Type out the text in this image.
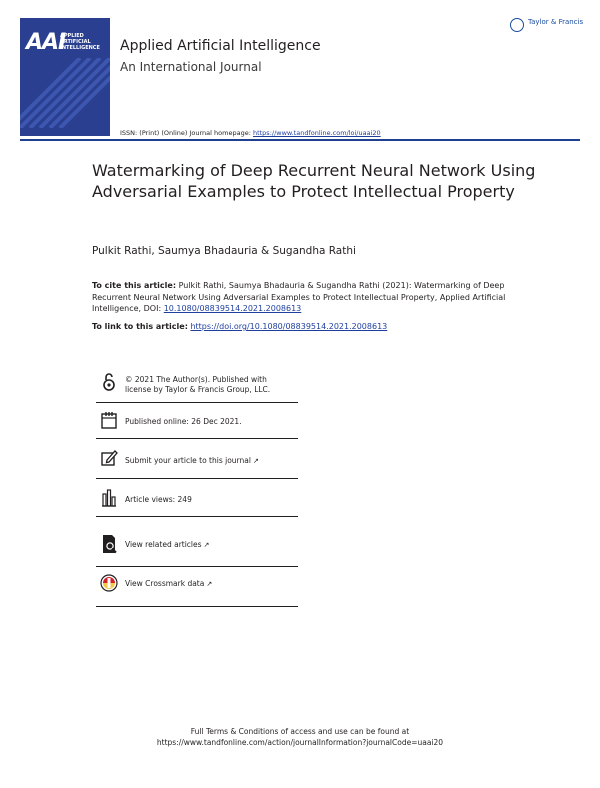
AAI
APPLIED ARTIFICIAL INTELLIGENCE	Applied Artificial Intelligence
An International Journal
ISSN: (Print) (Online) Journal homepage: https://www.tandfonline.com/loi/uaai20
Taylor & Francis
Watermarking of Deep Recurrent Neural Network Using Adversarial Examples to Protect Intellectual Property
Pulkit Rathi, Saumya Bhadauria & Sugandha Rathi
To cite this article: Pulkit Rathi, Saumya Bhadauria & Sugandha Rathi (2021): Watermarking of Deep Recurrent Neural Network Using Adversarial Examples to Protect Intellectual Property, Applied Artificial Intelligence, DOI: 10.1080/08839514.2021.2008613
To link to this article: https://doi.org/10.1080/08839514.2021.2008613
© 2021 The Author(s). Published with license by Taylor & Francis Group, LLC.
Published online: 26 Dec 2021.
Submit your article to this journal ↗
Article views: 249
View related articles ↗
View Crossmark data ↗
Full Terms & Conditions of access and use can be found at
https://www.tandfonline.com/action/journalInformation?journalCode=uaai20
